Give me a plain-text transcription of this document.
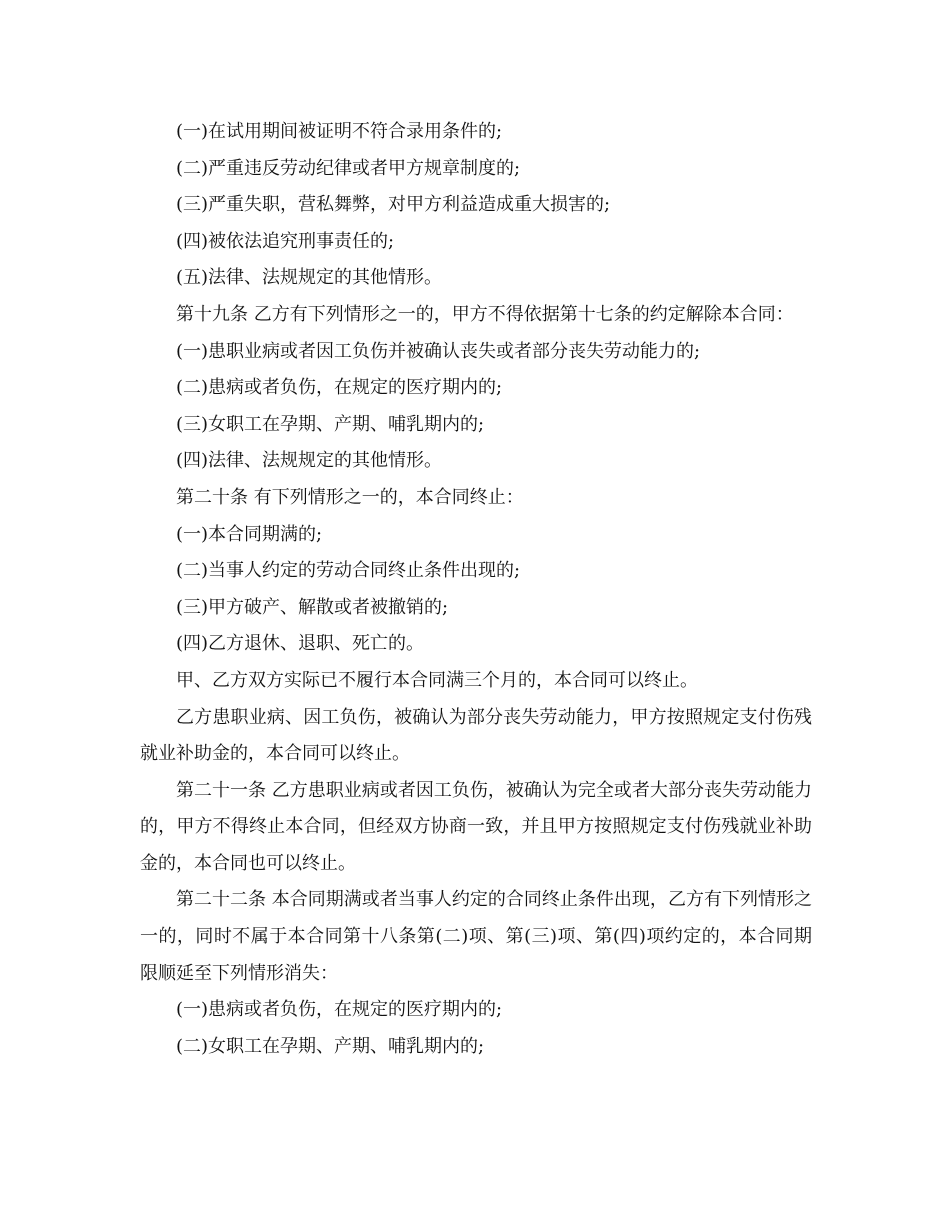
(一)在试用期间被证明不符合录用条件的;

(二)严重违反劳动纪律或者甲方规章制度的;

(三)严重失职，营私舞弊，对甲方利益造成重大损害的;

(四)被依法追究刑事责任的;

(五)法律、法规规定的其他情形。

第十九条 乙方有下列情形之一的，甲方不得依据第十七条的约定解除本合同：

(一)患职业病或者因工负伤并被确认丧失或者部分丧失劳动能力的;

(二)患病或者负伤，在规定的医疗期内的;

(三)女职工在孕期、产期、哺乳期内的;

(四)法律、法规规定的其他情形。

第二十条 有下列情形之一的，本合同终止：

(一)本合同期满的;

(二)当事人约定的劳动合同终止条件出现的;

(三)甲方破产、解散或者被撤销的;

(四)乙方退休、退职、死亡的。

甲、乙方双方实际已不履行本合同满三个月的，本合同可以终止。

乙方患职业病、因工负伤，被确认为部分丧失劳动能力，甲方按照规定支付伤残就业补助金的，本合同可以终止。

第二十一条 乙方患职业病或者因工负伤，被确认为完全或者大部分丧失劳动能力的，甲方不得终止本合同，但经双方协商一致，并且甲方按照规定支付伤残就业补助金的，本合同也可以终止。

第二十二条 本合同期满或者当事人约定的合同终止条件出现，乙方有下列情形之一的，同时不属于本合同第十八条第(二)项、第(三)项、第(四)项约定的，本合同期限顺延至下列情形消失：

(一)患病或者负伤，在规定的医疗期内的;

(二)女职工在孕期、产期、哺乳期内的;
